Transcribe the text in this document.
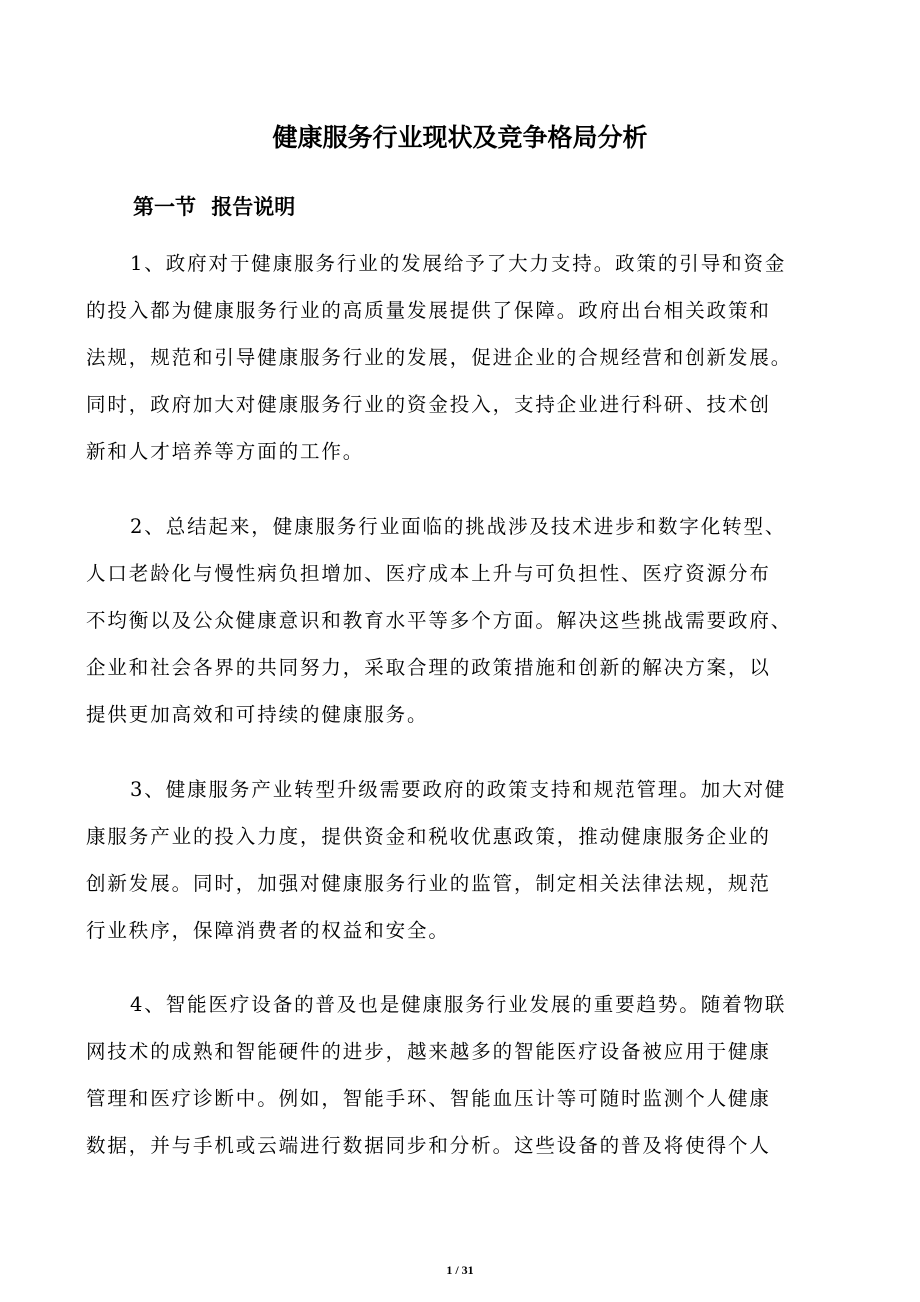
健康服务行业现状及竞争格局分析
第一节 报告说明
1、政府对于健康服务行业的发展给予了大力支持。政策的引导和资金
的投入都为健康服务行业的高质量发展提供了保障。政府出台相关政策和
法规，规范和引导健康服务行业的发展，促进企业的合规经营和创新发展。
同时，政府加大对健康服务行业的资金投入，支持企业进行科研、技术创
新和人才培养等方面的工作。
2、总结起来，健康服务行业面临的挑战涉及技术进步和数字化转型、
人口老龄化与慢性病负担增加、医疗成本上升与可负担性、医疗资源分布
不均衡以及公众健康意识和教育水平等多个方面。解决这些挑战需要政府、
企业和社会各界的共同努力，采取合理的政策措施和创新的解决方案，以
提供更加高效和可持续的健康服务。
3、健康服务产业转型升级需要政府的政策支持和规范管理。加大对健
康服务产业的投入力度，提供资金和税收优惠政策，推动健康服务企业的
创新发展。同时，加强对健康服务行业的监管，制定相关法律法规，规范
行业秩序，保障消费者的权益和安全。
4、智能医疗设备的普及也是健康服务行业发展的重要趋势。随着物联
网技术的成熟和智能硬件的进步，越来越多的智能医疗设备被应用于健康
管理和医疗诊断中。例如，智能手环、智能血压计等可随时监测个人健康
数据，并与手机或云端进行数据同步和分析。这些设备的普及将使得个人
1 / 31
